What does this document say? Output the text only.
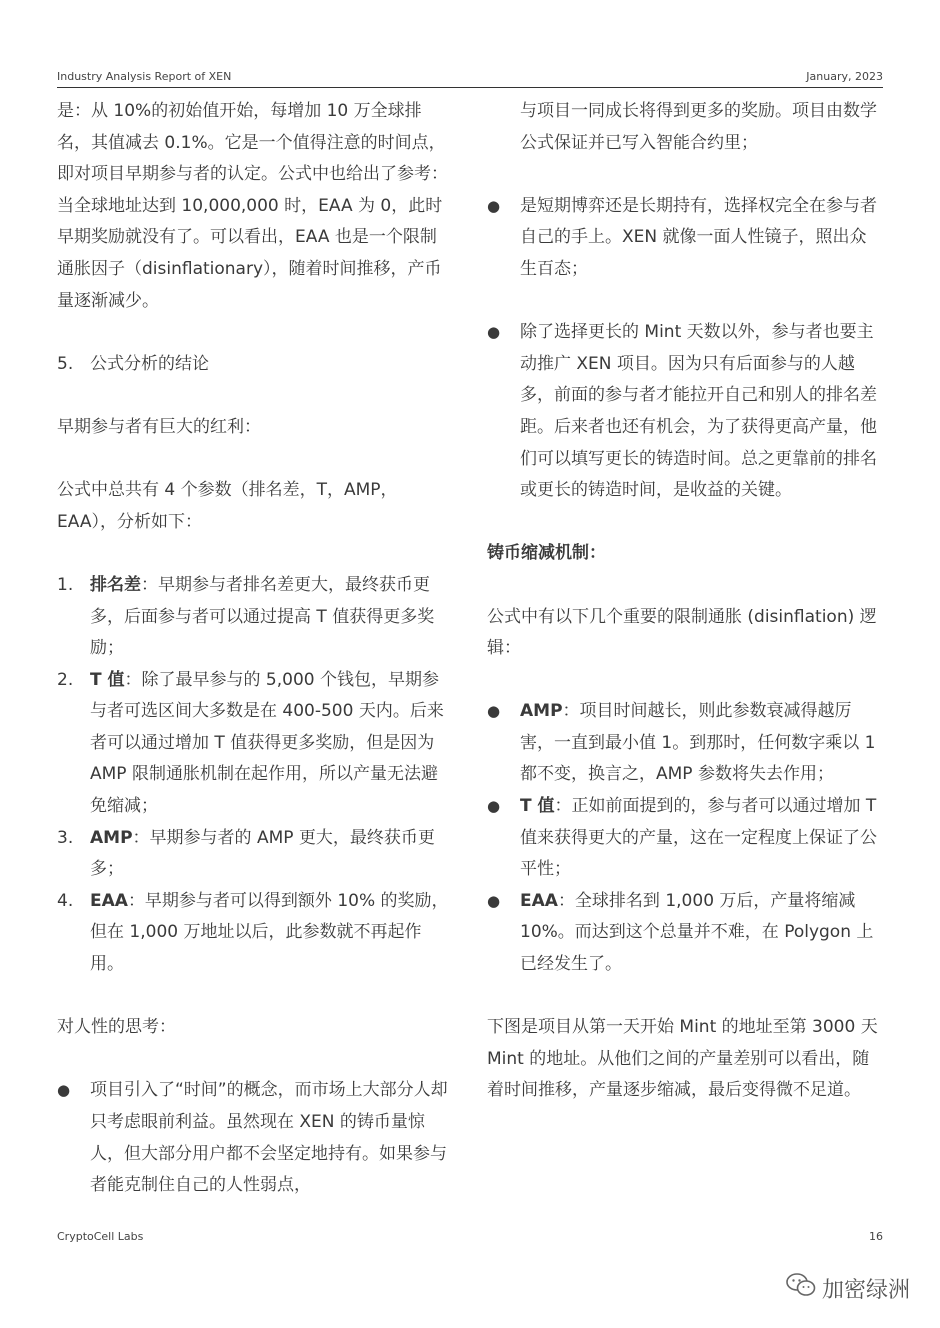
Industry Analysis Report of XEN	January, 2023

是：从 10%的初始值开始，每增加 10 万全球排名，其值减去 0.1%。它是一个值得注意的时间点，即对项目早期参与者的认定。公式中也给出了参考：当全球地址达到 10,000,000 时，EAA 为 0，此时早期奖励就没有了。可以看出，EAA 也是一个限制通胀因子（disinflationary），随着时间推移，产币量逐渐减少。

5. 公式分析的结论

早期参与者有巨大的红利：

公式中总共有 4 个参数（排名差，T，AMP，EAA），分析如下：

1. 排名差：早期参与者排名差更大，最终获币更多，后面参与者可以通过提高 T 值获得更多奖励；
2. T 值：除了最早参与的 5,000 个钱包，早期参与者可选区间大多数是在 400-500 天内。后来者可以通过增加 T 值获得更多奖励，但是因为 AMP 限制通胀机制在起作用，所以产量无法避免缩减；
3. AMP：早期参与者的 AMP 更大，最终获币更多；
4. EAA：早期参与者可以得到额外 10% 的奖励，但在 1,000 万地址以后，此参数就不再起作用。

对人性的思考：

●	项目引入了“时间”的概念，而市场上大部分人却只考虑眼前利益。虽然现在 XEN 的铸币量惊人，但大部分用户都不会坚定地持有。如果参与者能克制住自己的人性弱点，
与项目一同成长将得到更多的奖励。项目由数学公式保证并已写入智能合约里；
●	是短期博弈还是长期持有，选择权完全在参与者自己的手上。XEN 就像一面人性镜子，照出众生百态；
●	除了选择更长的 Mint 天数以外，参与者也要主动推广 XEN 项目。因为只有后面参与的人越多，前面的参与者才能拉开自己和别人的排名差距。后来者也还有机会，为了获得更高产量，他们可以填写更长的铸造时间。总之更靠前的排名或更长的铸造时间，是收益的关键。

铸币缩减机制：

公式中有以下几个重要的限制通胀 (disinflation) 逻辑：

●	AMP：项目时间越长，则此参数衰减得越厉害，一直到最小值 1。到那时，任何数字乘以 1 都不变，换言之，AMP 参数将失去作用；
●	T 值：正如前面提到的，参与者可以通过增加 T 值来获得更大的产量，这在一定程度上保证了公平性；
●	EAA：全球排名到 1,000 万后，产量将缩减 10%。而达到这个总量并不难，在 Polygon 上已经发生了。

下图是项目从第一天开始 Mint 的地址至第 3000 天 Mint 的地址。从他们之间的产量差别可以看出，随着时间推移，产量逐步缩减，最后变得微不足道。

CryptoCell Labs	16
加密绿洲
